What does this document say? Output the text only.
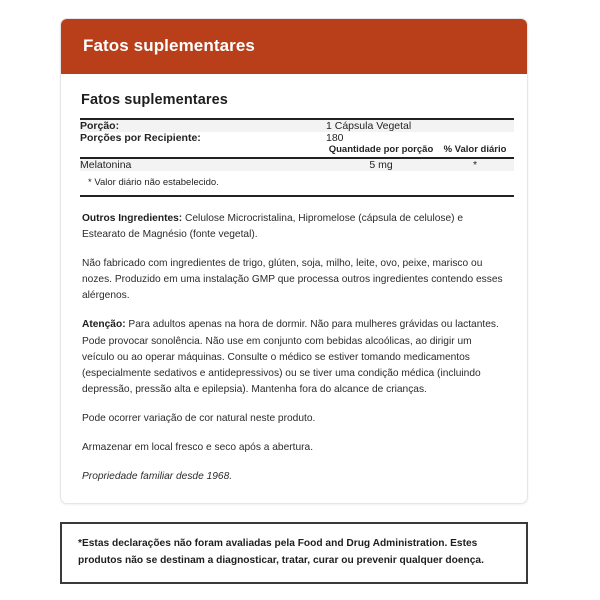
Fatos suplementares
Fatos suplementares

Porção:	1 Cápsula Vegetal	
Porções por Recipiente:	180	
	Quantidade por porção	% Valor diário

Melatonina	5 mg	*
* Valor diário não estabelecido.		

Outros Ingredientes: Celulose Microcristalina, Hipromelose (cápsula de celulose) e Estearato de Magnésio (fonte vegetal).

Não fabricado com ingredientes de trigo, glúten, soja, milho, leite, ovo, peixe, marisco ou nozes. Produzido em uma instalação GMP que processa outros ingredientes contendo esses alérgenos.

Atenção: Para adultos apenas na hora de dormir. Não para mulheres grávidas ou lactantes. Pode provocar sonolência. Não use em conjunto com bebidas alcoólicas, ao dirigir um veículo ou ao operar máquinas. Consulte o médico se estiver tomando medicamentos (especialmente sedativos e antidepressivos) ou se tiver uma condição médica (incluindo depressão, pressão alta e epilepsia). Mantenha fora do alcance de crianças.

Pode ocorrer variação de cor natural neste produto.

Armazenar em local fresco e seco após a abertura.

Propriedade familiar desde 1968.

*Estas declarações não foram avaliadas pela Food and Drug Administration. Estes produtos não se destinam a diagnosticar, tratar, curar ou prevenir qualquer doença.
